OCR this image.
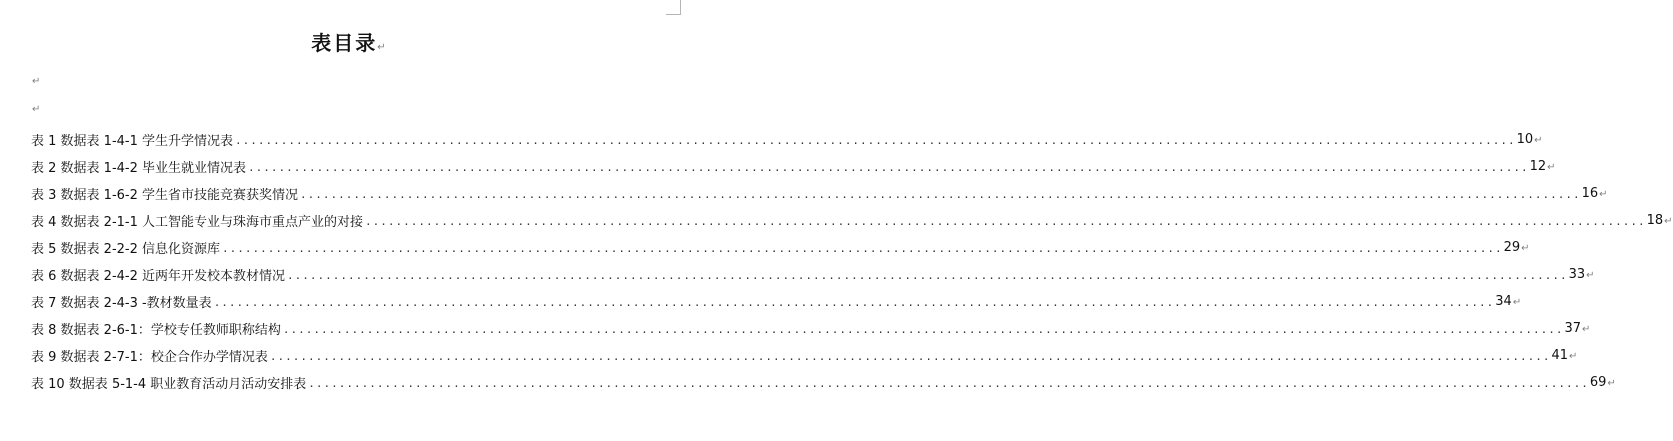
表目录↵
↵
↵
表 1 数据表 1-4-1 学生升学情况表 ........................................................................................................................................................................ 10↵
表 2 数据表 1-4-2 毕业生就业情况表 ........................................................................................................................................................................ 12↵
表 3 数据表 1-6-2 学生省市技能竞赛获奖情况 ........................................................................................................................................................................ 16↵
表 4 数据表 2-1-1 人工智能专业与珠海市重点产业的对接 ........................................................................................................................................................................ 18↵
表 5 数据表 2-2-2 信息化资源库 ........................................................................................................................................................................ 29↵
表 6 数据表 2-4-2 近两年开发校本教材情况 ........................................................................................................................................................................ 33↵
表 7 数据表 2-4-3 -教材数量表 ........................................................................................................................................................................ 34↵
表 8 数据表 2-6-1：学校专任教师职称结构 ........................................................................................................................................................................ 37↵
表 9 数据表 2-7-1：校企合作办学情况表 ........................................................................................................................................................................ 41↵
表 10 数据表 5-1-4 职业教育活动月活动安排表 ........................................................................................................................................................................ 69↵
